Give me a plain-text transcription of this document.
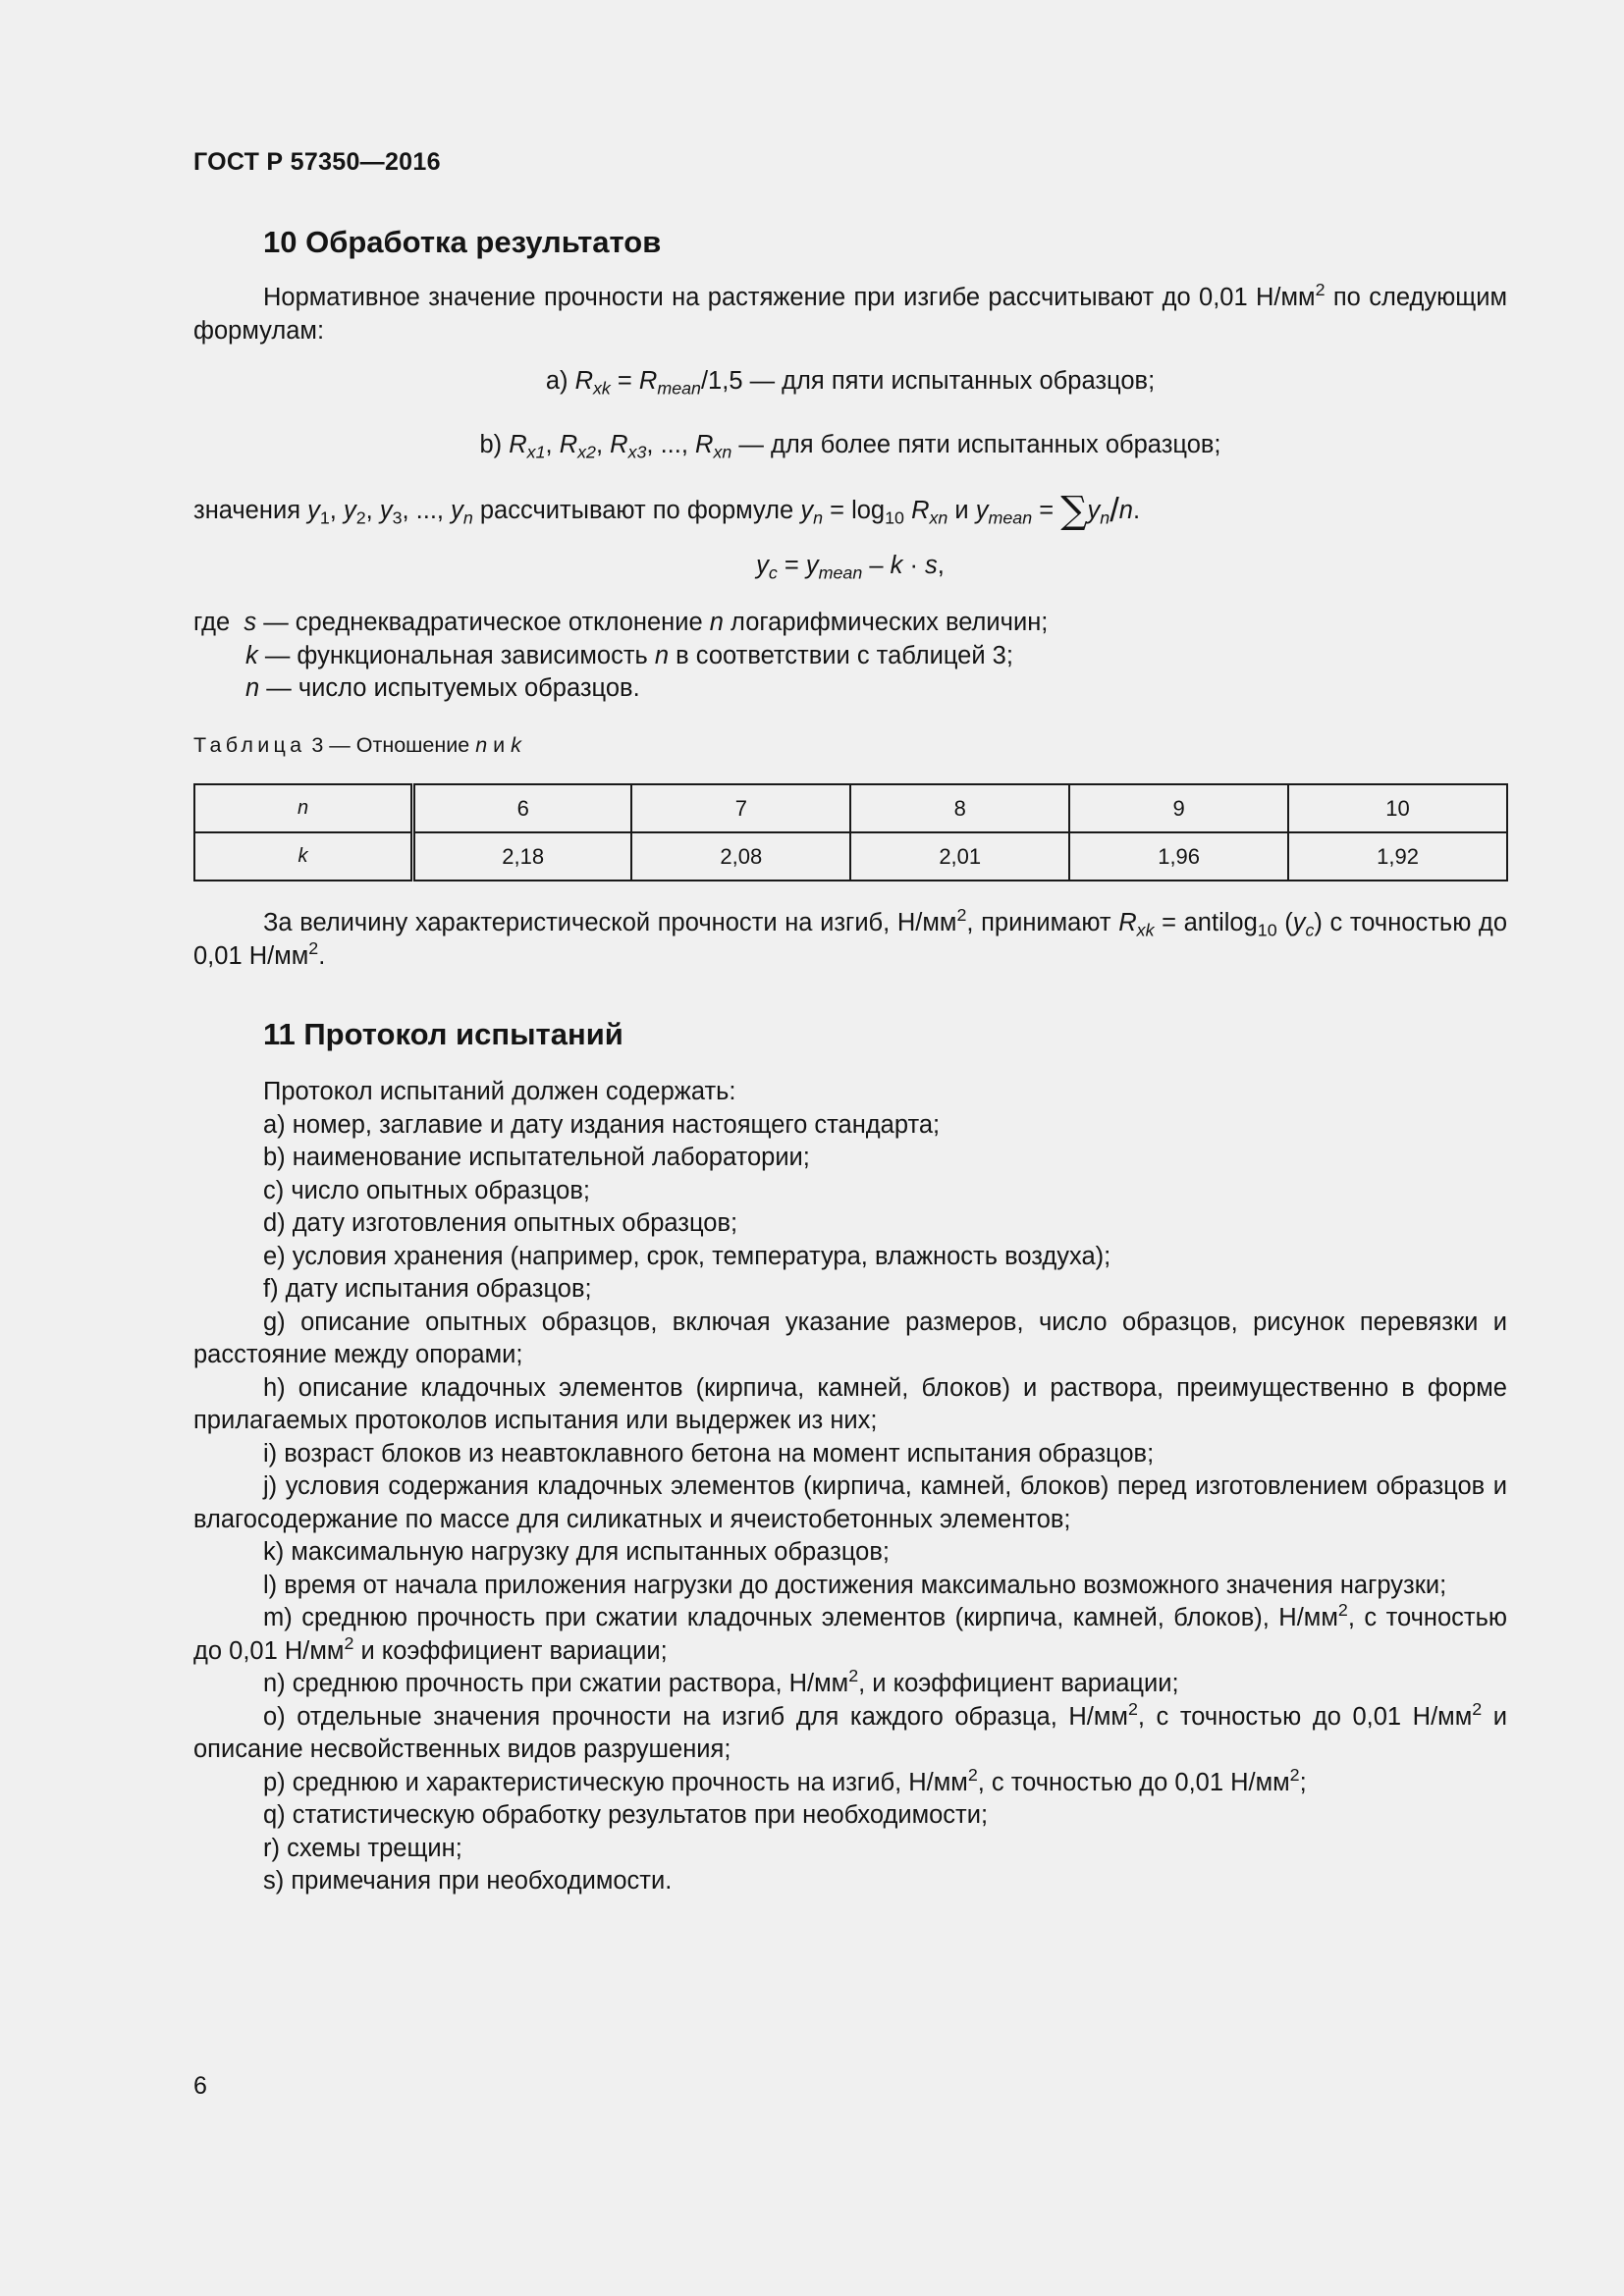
ГОСТ Р 57350—2016
10 Обработка результатов

Нормативное значение прочности на растяжение при изгибе рассчитывают до 0,01 $Н/мм^2$ по следующим формулам:

а) $R_{xk} = R_{mean}/1,5$ — для пяти испытанных образцов;

b) $R_{x1}$, $R_{x2}$, $R_{x3}$, ..., $R_{xn}$ — для более пяти испытанных образцов;

значения $y_1$, $y_2$, $y_3$, ..., $y_n$ рассчитывают по формуле $y_n = \log_{10} R_{xn}$ и $y_{mean} = \sum y_n/n$.

$y_c = y_{mean} - k \cdot s$,

где s — среднеквадратическое отклонение n логарифмических величин;
k — функциональная зависимость n в соответствии с таблицей 3;
n — число испытуемых образцов.
Таблица 3 — Отношение n и k
n	6	7	8	9	10
k	2,18	2,08	2,01	1,96	1,92

За величину характеристической прочности на изгиб, $Н/мм^2$, принимают $R_{xk}$ = antilog$_{10}$ $(y_c)$ с точностью до 0,01 $Н/мм^2$.

11 Протокол испытаний

Протокол испытаний должен содержать:

a) номер, заглавие и дату издания настоящего стандарта;

b) наименование испытательной лаборатории;

c) число опытных образцов;

d) дату изготовления опытных образцов;

e) условия хранения (например, срок, температура, влажность воздуха);

f) дату испытания образцов;

g) описание опытных образцов, включая указание размеров, число образцов, рисунок перевязки и расстояние между опорами;

h) описание кладочных элементов (кирпича, камней, блоков) и раствора, преимущественно в форме прилагаемых протоколов испытания или выдержек из них;

i) возраст блоков из неавтоклавного бетона на момент испытания образцов;

j) условия содержания кладочных элементов (кирпича, камней, блоков) перед изготовлением образцов и влагосодержание по массе для силикатных и ячеистобетонных элементов;

k) максимальную нагрузку для испытанных образцов;

l) время от начала приложения нагрузки до достижения максимально возможного значения нагрузки;

m) среднюю прочность при сжатии кладочных элементов (кирпича, камней, блоков), $Н/мм^2$, с точностью до 0,01 $Н/мм^2$ и коэффициент вариации;

n) среднюю прочность при сжатии раствора, $Н/мм^2$, и коэффициент вариации;

o) отдельные значения прочности на изгиб для каждого образца, $Н/мм^2$, с точностью до 0,01 $Н/мм^2$ и описание несвойственных видов разрушения;

p) среднюю и характеристическую прочность на изгиб, $Н/мм^2$, с точностью до 0,01 $Н/мм^2$;

q) статистическую обработку результатов при необходимости;

r) схемы трещин;

s) примечания при необходимости.

6
